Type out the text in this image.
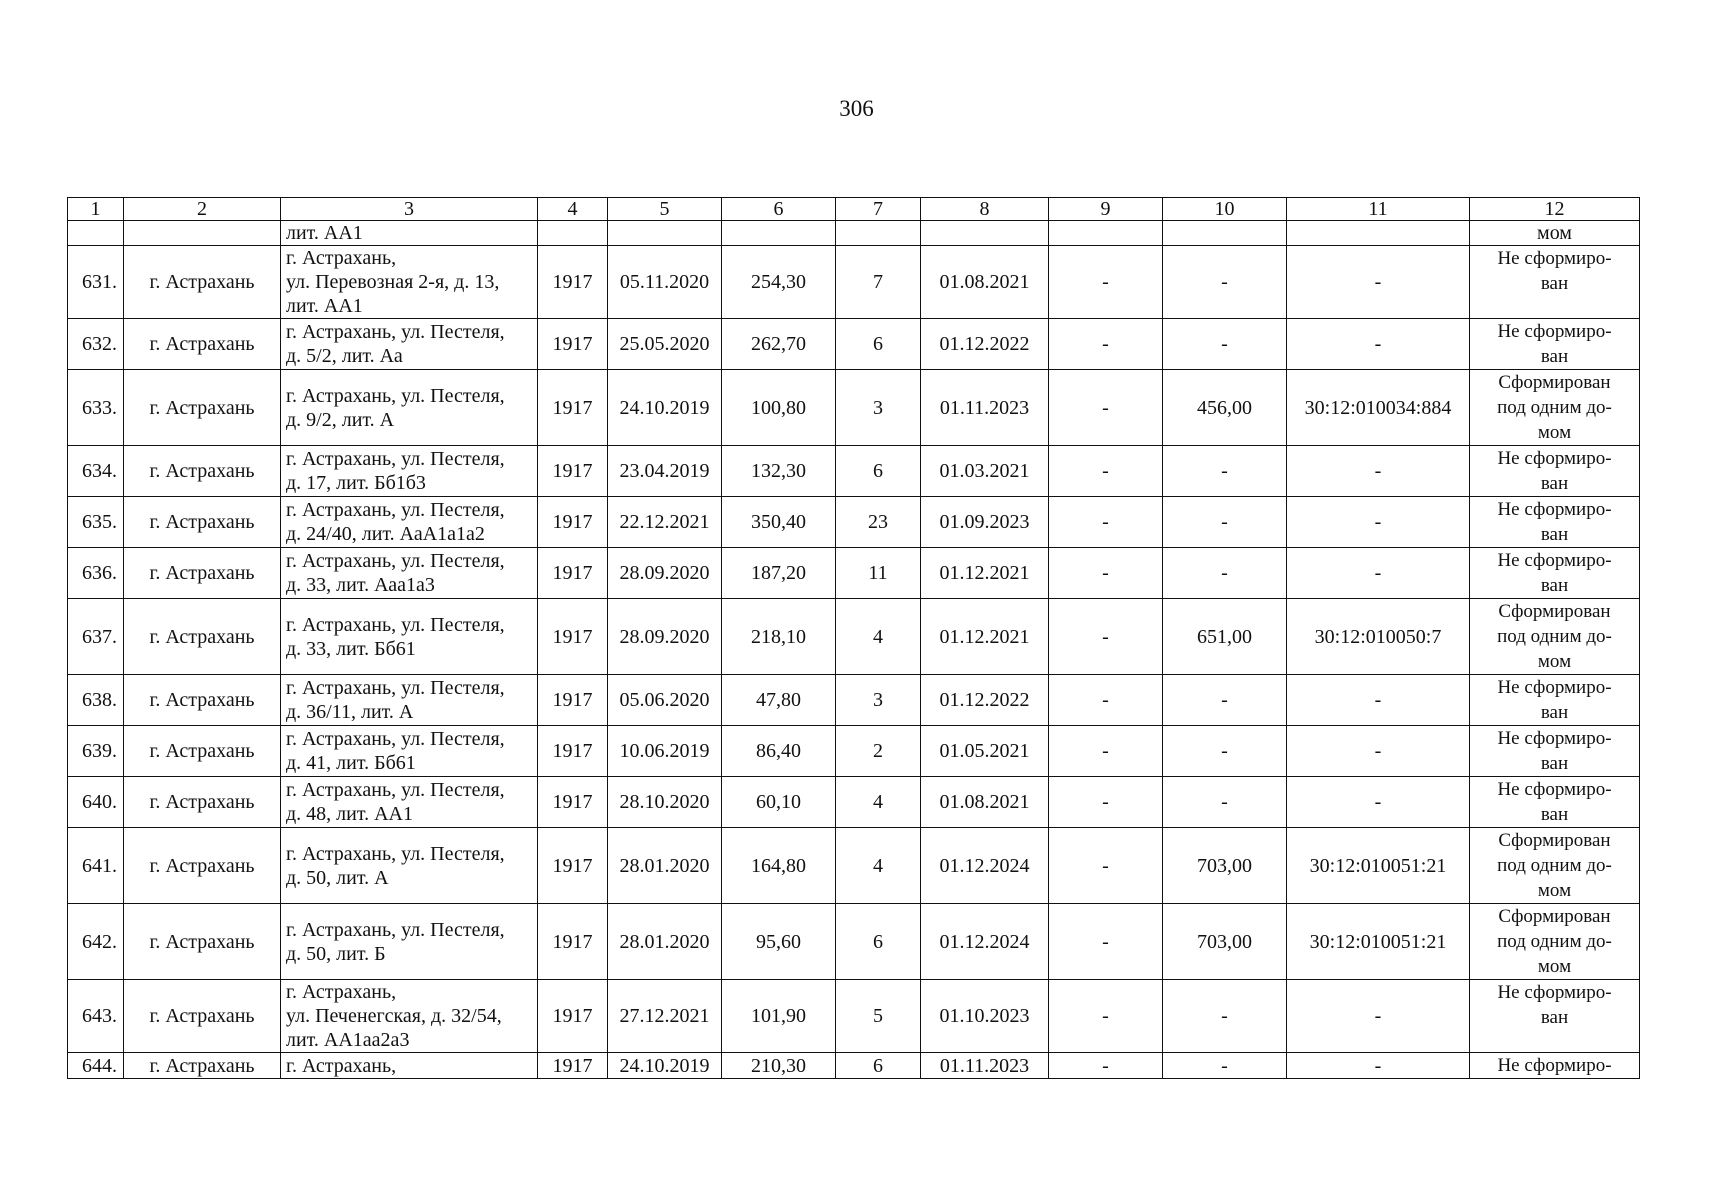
306
1	2	3	4	5	6	7	8	9	10	11	12
		лит. АА1									мом
631.	г. Астрахань	г. Астрахань,
ул. Перевозная 2-я, д. 13,
лит. АА1	1917	05.11.2020	254,30	7	01.08.2021	-	-	-	Не сформиро-
ван
632.	г. Астрахань	г. Астрахань, ул. Пестеля,
д. 5/2, лит. Аа	1917	25.05.2020	262,70	6	01.12.2022	-	-	-	Не сформиро-
ван
633.	г. Астрахань	г. Астрахань, ул. Пестеля,
д. 9/2, лит. А	1917	24.10.2019	100,80	3	01.11.2023	-	456,00	30:12:010034:884	Сформирован
под одним до-
мом
634.	г. Астрахань	г. Астрахань, ул. Пестеля,
д. 17, лит. Бб1б3	1917	23.04.2019	132,30	6	01.03.2021	-	-	-	Не сформиро-
ван
635.	г. Астрахань	г. Астрахань, ул. Пестеля,
д. 24/40, лит. АаА1а1а2	1917	22.12.2021	350,40	23	01.09.2023	-	-	-	Не сформиро-
ван
636.	г. Астрахань	г. Астрахань, ул. Пестеля,
д. 33, лит. Ааа1а3	1917	28.09.2020	187,20	11	01.12.2021	-	-	-	Не сформиро-
ван
637.	г. Астрахань	г. Астрахань, ул. Пестеля,
д. 33, лит. Бб61	1917	28.09.2020	218,10	4	01.12.2021	-	651,00	30:12:010050:7	Сформирован
под одним до-
мом
638.	г. Астрахань	г. Астрахань, ул. Пестеля,
д. 36/11, лит. А	1917	05.06.2020	47,80	3	01.12.2022	-	-	-	Не сформиро-
ван
639.	г. Астрахань	г. Астрахань, ул. Пестеля,
д. 41, лит. Бб61	1917	10.06.2019	86,40	2	01.05.2021	-	-	-	Не сформиро-
ван
640.	г. Астрахань	г. Астрахань, ул. Пестеля,
д. 48, лит. АА1	1917	28.10.2020	60,10	4	01.08.2021	-	-	-	Не сформиро-
ван
641.	г. Астрахань	г. Астрахань, ул. Пестеля,
д. 50, лит. А	1917	28.01.2020	164,80	4	01.12.2024	-	703,00	30:12:010051:21	Сформирован
под одним до-
мом
642.	г. Астрахань	г. Астрахань, ул. Пестеля,
д. 50, лит. Б	1917	28.01.2020	95,60	6	01.12.2024	-	703,00	30:12:010051:21	Сформирован
под одним до-
мом
643.	г. Астрахань	г. Астрахань,
ул. Печенегская, д. 32/54,
лит. АА1аа2а3	1917	27.12.2021	101,90	5	01.10.2023	-	-	-	Не сформиро-
ван
644.	г. Астрахань	г. Астрахань,	1917	24.10.2019	210,30	6	01.11.2023	-	-	-	Не сформиро-
